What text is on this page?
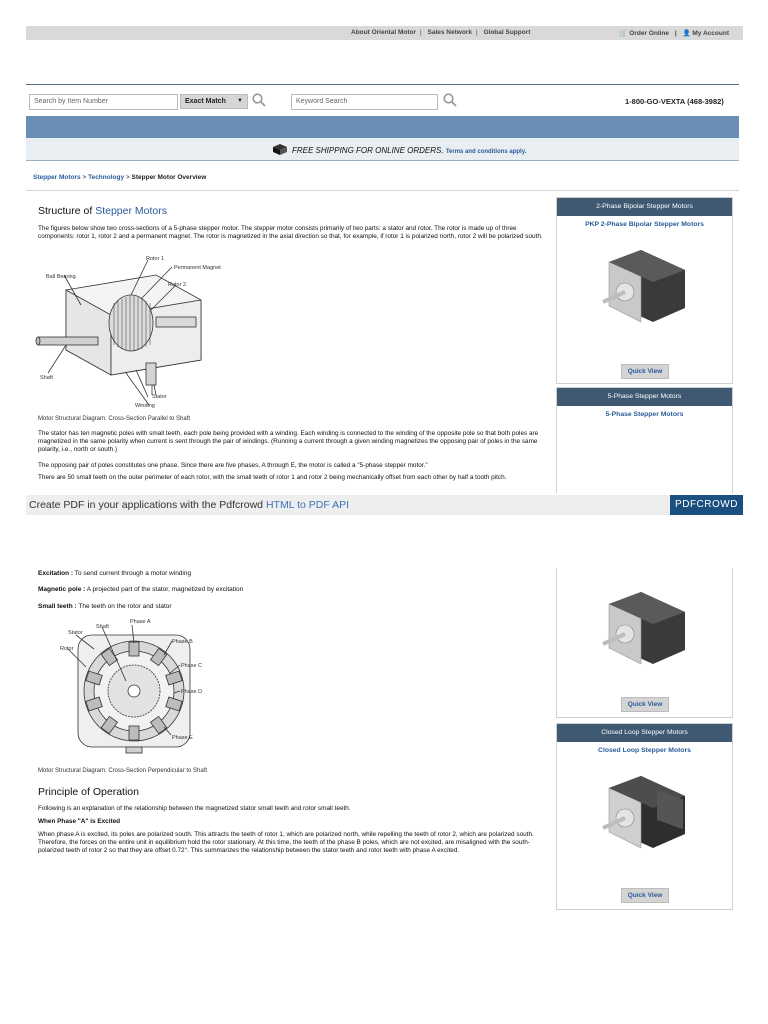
About Oriental Motor | Sales Network | Global Support	🛒 Order Online | 👤 My Account
Search by Item Number	Exact Match ▼	Keyword Search	1-800-GO-VEXTA (468-3982)
FREE SHIPPING FOR ONLINE ORDERS. Terms and conditions apply.
Stepper Motors > Technology > Stepper Motor Overview
Structure of Stepper Motors
The figures below show two cross-sections of a 5-phase stepper motor. The stepper motor consists primarily of two parts: a stator and rotor. The rotor is made up of three components: rotor 1, rotor 2 and a permanent magnet. The rotor is magnetized in the axial direction so that, for example, if rotor 1 is polarized north, rotor 2 will be polarized south.
Rotor 1
Permanent Magnet
Ball Bearing
Rotor 2
Shaft
Stator
Winding
Motor Structural Diagram: Cross-Section Parallel to Shaft
The stator has ten magnetic poles with small teeth, each pole being provided with a winding. Each winding is connected to the winding of the opposite pole so that both poles are magnetized in the same polarity when current is sent through the pair of windings. (Running a current through a given winding magnetizes the opposing pair of poles in the same polarity, i.e., north or south.)
The opposing pair of poles constitutes one phase. Since there are five phases, A through E, the motor is called a "5-phase stepper motor."
There are 50 small teeth on the outer perimeter of each rotor, with the small teeth of rotor 1 and rotor 2 being mechanically offset from each other by half a tooth pitch.
2-Phase Bipolar Stepper Motors
PKP 2-Phase Bipolar Stepper Motors
Quick View
5-Phase Stepper Motors
5-Phase Stepper Motors
Create PDF in your applications with the Pdfcrowd HTML to PDF API	PDFCROWD
Quick View
Closed Loop Stepper Motors
Closed Loop Stepper Motors
Quick View
Excitation : To send current through a motor winding
Magnetic pole : A projected part of the stator, magnetized by excitation
Small teeth : The teeth on the rotor and stator
Stator
Shaft
Phase A
Rotor
Phase B
Phase C
Phase D
Phase E
Motor Structural Diagram: Cross-Section Perpendicular to Shaft
Principle of Operation
Following is an explanation of the relationship between the magnetized stator small teeth and rotor small teeth.
When Phase "A" is Excited
When phase A is excited, its poles are polarized south. This attracts the teeth of rotor 1, which are polarized north, while repelling the teeth of rotor 2, which are polarized south. Therefore, the forces on the entire unit in equilibrium hold the rotor stationary. At this time, the teeth of the phase B poles, which are not excited, are misaligned with the south-polarized teeth of rotor 2 so that they are offset 0.72°. This summarizes the relationship between the stator teeth and rotor teeth with phase A excited.
